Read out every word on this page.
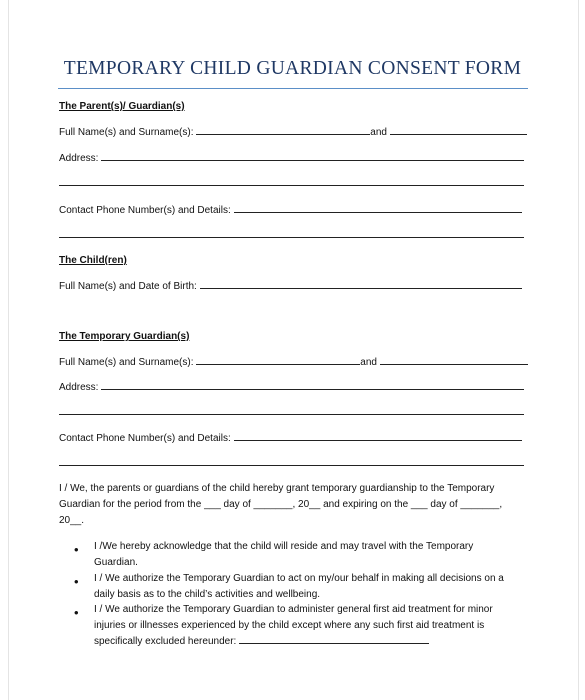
TEMPORARY CHILD GUARDIAN CONSENT FORM
The Parent(s)/ Guardian(s)
Full Name(s) and Surname(s):	and
Address:
Contact Phone Number(s) and Details:
The Child(ren)
Full Name(s) and Date of Birth:
The Temporary Guardian(s)
Full Name(s) and Surname(s):	and
Address:
Contact Phone Number(s) and Details:
I / We, the parents or guardians of the child hereby grant temporary guardianship to the Temporary
Guardian for the period from the ___ day of _______, 20__ and expiring on the ___ day of _______,
20__.
• I /We hereby acknowledge that the child will reside and may travel with the Temporary
Guardian.
• I / We authorize the Temporary Guardian to act on my/our behalf in making all decisions on a
daily basis as to the child’s activities and wellbeing.
• I / We authorize the Temporary Guardian to administer general first aid treatment for minor
injuries or illnesses experienced by the child except where any such first aid treatment is
specifically excluded hereunder:
